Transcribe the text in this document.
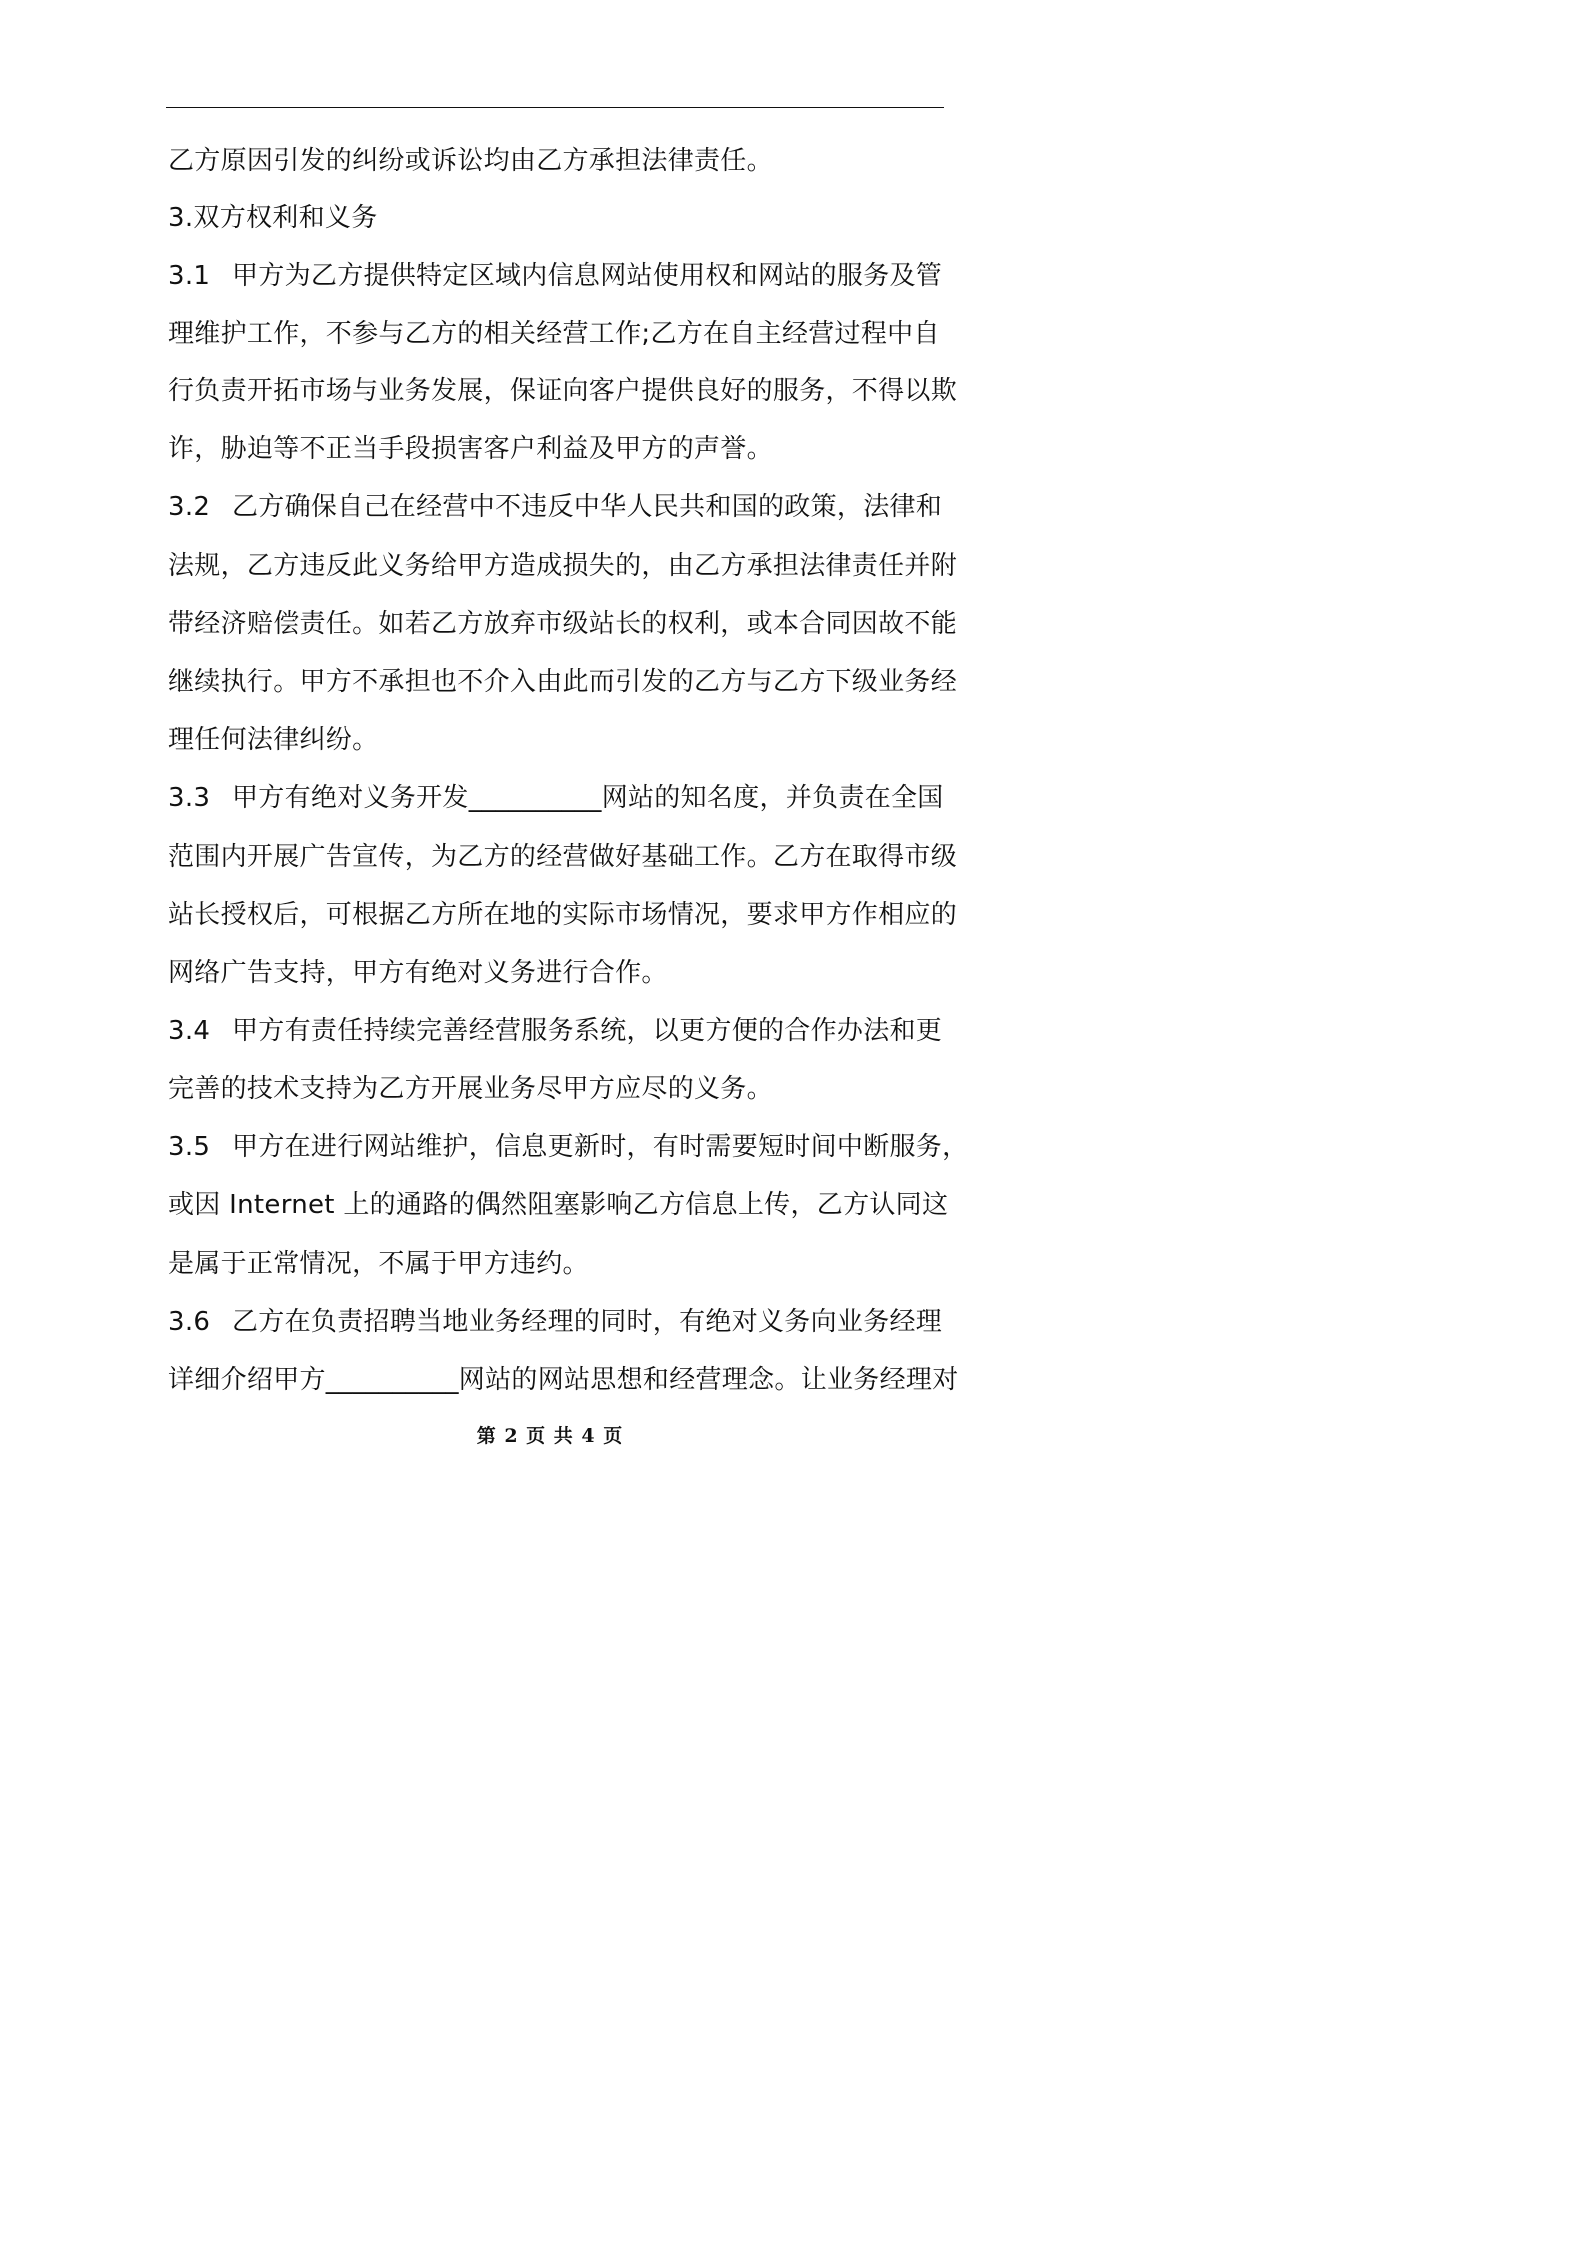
乙方原因引发的纠纷或诉讼均由乙方承担法律责任。
3.双方权利和义务
3.1 甲方为乙方提供特定区域内信息网站使用权和网站的服务及管
理维护工作，不参与乙方的相关经营工作;乙方在自主经营过程中自
行负责开拓市场与业务发展，保证向客户提供良好的服务，不得以欺
诈，胁迫等不正当手段损害客户利益及甲方的声誉。
3.2 乙方确保自己在经营中不违反中华人民共和国的政策，法律和
法规，乙方违反此义务给甲方造成损失的，由乙方承担法律责任并附
带经济赔偿责任。如若乙方放弃市级站长的权利，或本合同因故不能
继续执行。甲方不承担也不介入由此而引发的乙方与乙方下级业务经
理任何法律纠纷。
3.3 甲方有绝对义务开发__________网站的知名度，并负责在全国
范围内开展广告宣传，为乙方的经营做好基础工作。乙方在取得市级
站长授权后，可根据乙方所在地的实际市场情况，要求甲方作相应的
网络广告支持，甲方有绝对义务进行合作。
3.4 甲方有责任持续完善经营服务系统，以更方便的合作办法和更
完善的技术支持为乙方开展业务尽甲方应尽的义务。
3.5 甲方在进行网站维护，信息更新时，有时需要短时间中断服务，
或因 Internet 上的通路的偶然阻塞影响乙方信息上传，乙方认同这
是属于正常情况，不属于甲方违约。
3.6 乙方在负责招聘当地业务经理的同时，有绝对义务向业务经理
详细介绍甲方__________网站的网站思想和经营理念。让业务经理对
第 2 页 共 4 页
